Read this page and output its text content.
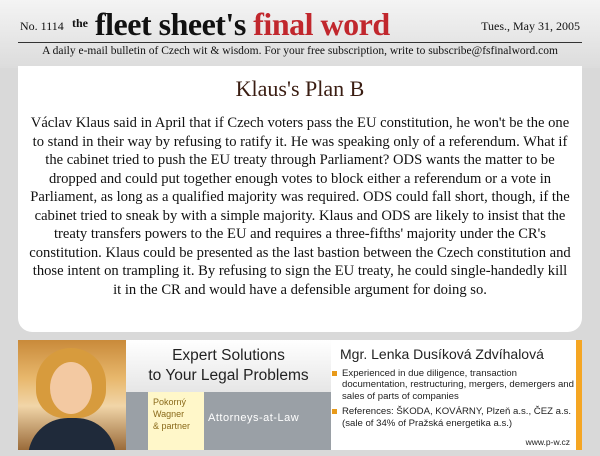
No. 1114 the fleet sheet's final word	Tues., May 31, 2005
A daily e-mail bulletin of Czech wit & wisdom. For your free subscription, write to subscribe@fsfinalword.com
Klaus's Plan B
Václav Klaus said in April that if Czech voters pass the EU constitution, he won't be the one to stand in their way by refusing to ratify it. He was speaking only of a referendum. What if the cabinet tried to push the EU treaty through Parliament? ODS wants the matter to be dropped and could put together enough votes to block either a referendum or a vote in Parliament, as long as a qualified majority was required. ODS could fall short, though, if the cabinet tried to sneak by with a simple majority. Klaus and ODS are likely to insist that the treaty transfers powers to the EU and requires a three-fifths' majority under the CR's constitution. Klaus could be presented as the last bastion between the Czech constitution and those intent on trampling it. By refusing to sign the EU treaty, he could single-handedly kill it in the CR and would have a defensible argument for doing so.
Expert Solutions
to Your Legal Problems
Pokorný
Wagner
& partner
Attorneys-at-Law
Mgr. Lenka Dusíková Zdvíhalová
Experienced in due diligence, transaction documentation, restructuring, mergers, demergers and sales of parts of companies
References: ŠKODA, KOVÁRNY, Plzeň a.s., ČEZ a.s. (sale of 34% of Pražská energetika a.s.)
www.p-w.cz
